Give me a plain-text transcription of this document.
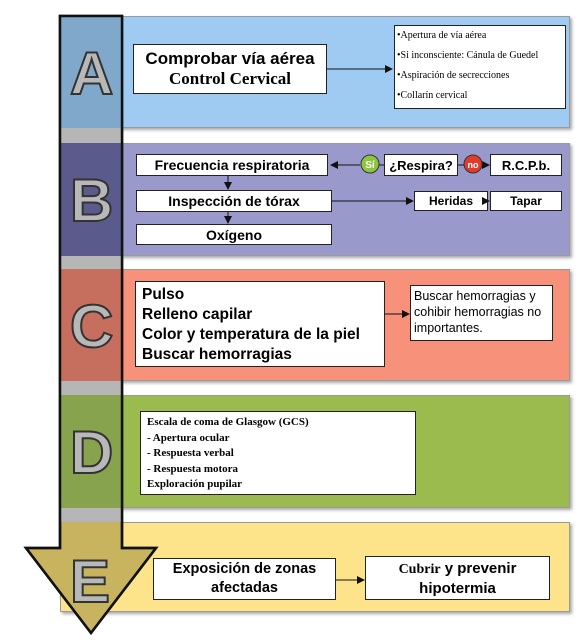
A
B
C
D
E
Comprobar vía aérea
Control Cervical
•Apertura de vía aérea
•Si inconsciente: Cánula de Guedel
•Aspiración de secrecciones
•Collarín cervical
Frecuencia respiratoria
Inspección de tórax
Oxígeno
¿Respira?	R.C.P.b.
Heridas	Tapar
Pulso
Relleno capilar
Color y temperatura de la piel
Buscar hemorragias
Buscar hemorragias y cohibir hemorragias no importantes.
Escala de coma de Glasgow (GCS)
- Apertura ocular
- Respuesta verbal
- Respuesta motora
Exploración pupilar
Exposición de zonas
afectadas
Cubrir y prevenir
hipotermia
Sí	no
